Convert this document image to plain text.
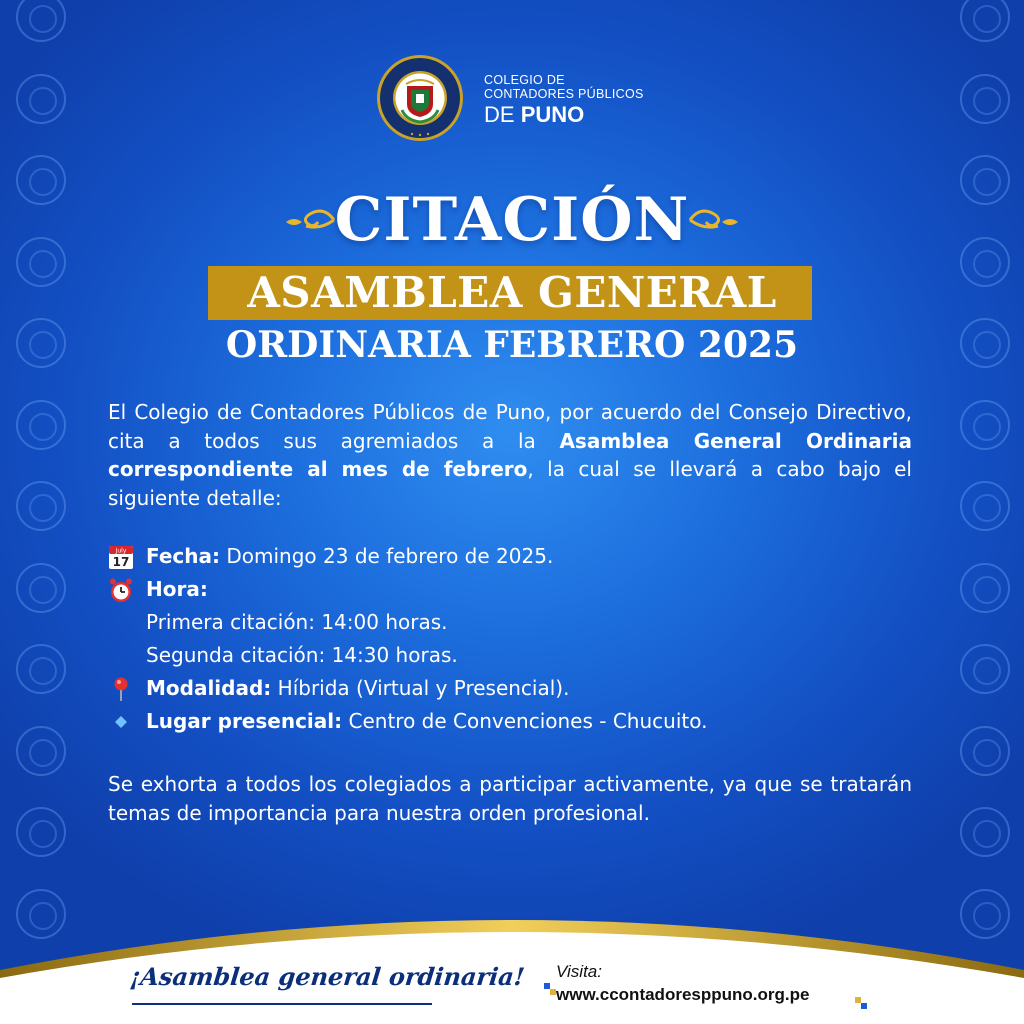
COLEGIO DE
CONTADORES PÚBLICOS
DE PUNO
CITACIÓN
ASAMBLEA GENERAL
ORDINARIA FEBRERO 2025
El Colegio de Contadores Públicos de Puno, por acuerdo del Consejo Directivo, cita a todos sus agremiados a la Asamblea General Ordinaria correspondiente al mes de febrero, la cual se llevará a cabo bajo el siguiente detalle:
July
17 Fecha: Domingo 23 de febrero de 2025.
Hora:
Primera citación: 14:00 horas.
Segunda citación: 14:30 horas.
Modalidad: Híbrida (Virtual y Presencial).
Lugar presencial: Centro de Convenciones - Chucuito.
Se exhorta a todos los colegiados a participar activamente, ya que se tratarán temas de importancia para nuestra orden profesional.
¡Asamblea general ordinaria! Visita:
www.ccontadoresppuno.org.pe
